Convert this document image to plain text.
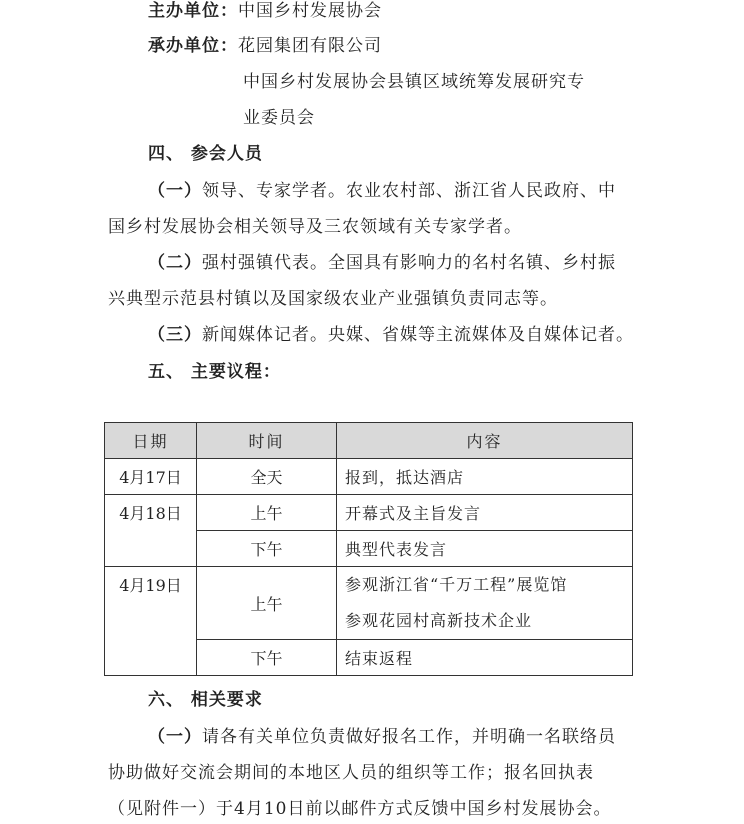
主办单位：中国乡村发展协会
承办单位：花园集团有限公司
中国乡村发展协会县镇区域统筹发展研究专
业委员会
四、 参会人员
（一）领导、专家学者。农业农村部、浙江省人民政府、中
国乡村发展协会相关领导及三农领域有关专家学者。
（二）强村强镇代表。全国具有影响力的名村名镇、乡村振
兴典型示范县村镇以及国家级农业产业强镇负责同志等。
（三）新闻媒体记者。央媒、省媒等主流媒体及自媒体记者。
五、 主要议程：
日期	时间	内容
4月17日	全天	报到，抵达酒店
4月18日	上午	开幕式及主旨发言
	下午	典型代表发言
4月19日	上午	参观浙江省“千万工程”展览馆
参观花园村高新技术企业

	下午	结束返程
六、 相关要求
（一）请各有关单位负责做好报名工作，并明确一名联络员
协助做好交流会期间的本地区人员的组织等工作；报名回执表
（见附件一）于4月10日前以邮件方式反馈中国乡村发展协会。
